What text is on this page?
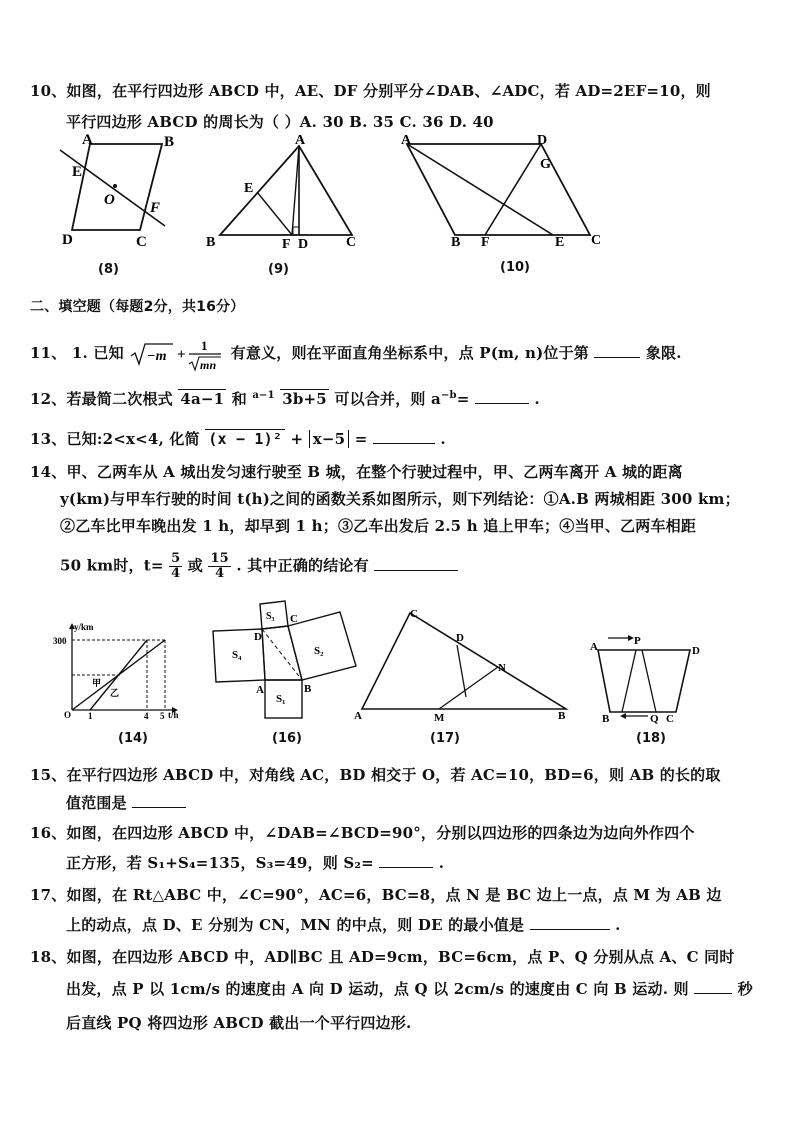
10、如图，在平行四边形 ABCD 中，AE、DF 分别平分∠DAB、∠ADC，若 AD=2EF=10，则
平行四边形 ABCD 的周长为（ ）A. 30 B. 35 C. 36 D. 40
A	B
C
D
E
O F
A
B	C
D
E
F
A
B	C
D
E
F
G
(8)	(9)	(10)
二、填空题（每题2分，共16分）
11、 1. 已知 −m +
1
mn
有意义，则在平面直角坐标系中，点 P(m, n)位于第	象限.
12、若最简二次根式 4a−1 和 $^{a-1}$ 3b+5 可以合并，则 $a^{-b}=$	.
13、已知:2<x<4, 化简 (x − 1)² + x−5 =	.
14、甲、乙两车从 A 城出发匀速行驶至 B 城，在整个行驶过程中，甲、乙两车离开 A 城的距离
y(km)与甲车行驶的时间 t(h)之间的函数关系如图所示，则下列结论：①A.B 两城相距 300 km；
②乙车比甲车晚出发 1 h，却早到 1 h；③乙车出发后 2.5 h 追上甲车；④当甲、乙两车相距
50 km时，$t= \frac{5}{4}$ 或 $\frac{15}{4}$ . 其中正确的结论有
y/km
t/h
300
O 1	4 5
甲
乙	S₁
S₂
S₃
S₄
A	B
C
D
C
A	B
D
M
N
A	P
D
B	Q C
(14)	(16)	(17)	(18)
15、在平行四边形 ABCD 中，对角线 AC，BD 相交于 O，若 AC=10，BD=6，则 AB 的长的取
值范围是
16、如图，在四边形 ABCD 中，∠DAB=∠BCD=90°，分别以四边形的四条边为边向外作四个
正方形，若 S₁+S₄=135，S₃=49，则 S₂=	.
17、如图，在 Rt△ABC 中，∠C=90°，AC=6，BC=8，点 N 是 BC 边上一点，点 M 为 AB 边
上的动点，点 D、E 分别为 CN，MN 的中点，则 DE 的最小值是	.
18、如图，在四边形 ABCD 中，AD∥BC 且 AD=9cm，BC=6cm，点 P、Q 分别从点 A、C 同时
出发，点 P 以 1cm/s 的速度由 A 向 D 运动，点 Q 以 2cm/s 的速度由 C 向 B 运动. 则	秒
后直线 PQ 将四边形 ABCD 截出一个平行四边形.
